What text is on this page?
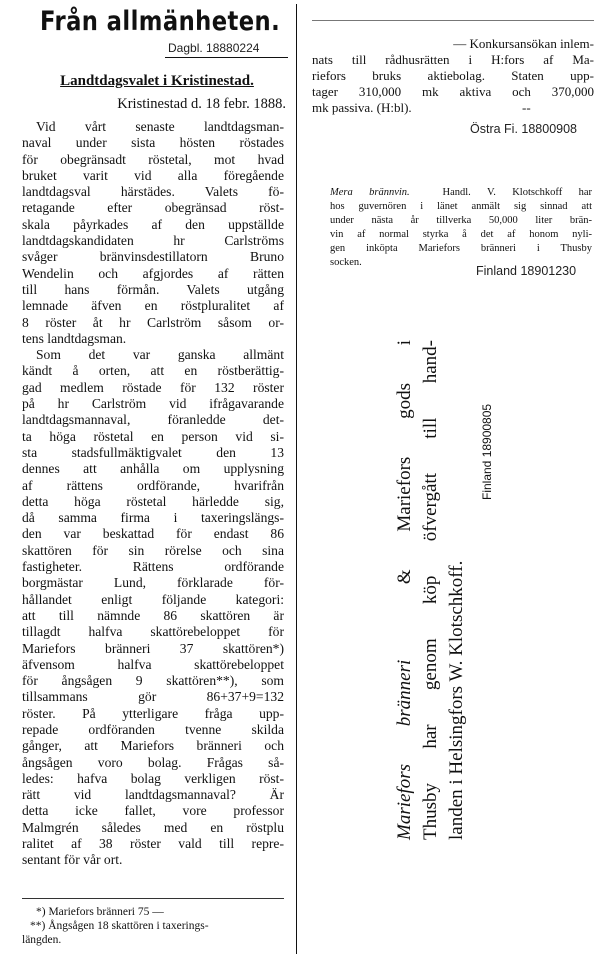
Från allmänheten.
Dagbl. 18880224
Landtdagsvalet i Kristinestad.
Kristinestad d. 18 febr. 1888.
Vid vårt senaste landtdagsman-
naval under sista hösten röstades
för obegränsadt röstetal, mot hvad
bruket varit vid alla föregående
landtdagsval härstädes. Valets fö-
retagande efter obegränsad röst-
skala påyrkades af den uppställde
landtdagskandidaten hr Carlströms
svåger bränvinsdestillatorn Bruno
Wendelin och afgjordes af rätten
till hans förmån. Valets utgång
lemnade äfven en röstpluralitet af
8 röster åt hr Carlström såsom or-
tens landtdagsman.
Som det var ganska allmänt
kändt å orten, att en röstberättig-
gad medlem röstade för 132 röster
på hr Carlström vid ifrågavarande
landtdagsmannaval, föranledde det-
ta höga röstetal en person vid si-
sta stadsfullmäktigvalet den 13
dennes att anhålla om upplysning
af rättens ordförande, hvarifrån
detta höga röstetal härledde sig,
då samma firma i taxeringslängs-
den var beskattad för endast 86
skattören för sin rörelse och sina
fastigheter. Rättens ordförande
borgmästar Lund, förklarade för-
hållandet enligt följande kategori:
att till nämnde 86 skattören är
tillagdt halfva skattörebeloppet för
Mariefors bränneri 37 skattören*)
äfvensom halfva skattörebeloppet
för ångsågen 9 skattören**), som
tillsammans gör 86+37+9=132
röster. På ytterligare fråga upp-
repade ordföranden tvenne skilda
gånger, att Mariefors bränneri och
ångsågen voro bolag. Frågas så-
ledes: hafva bolag verkligen röst-
rätt vid landtdagsmannaval? Är
detta icke fallet, vore professor
Malmgrén således med en röstplu
ralitet af 38 röster vald till repre-
sentant för vår ort.
*) Mariefors bränneri 75 —
**) Ångsågen 18 skattören i taxerings-
längden.
— Konkursansökan inlem-
nats till rådhusrätten i H:fors af Ma-
riefors bruks aktiebolag. Staten upp-
tager 310,000 mk aktiva och 370,000
mk passiva. (H:bl).	--
Östra Fi. 18800908
Mera brännvin.	Handl. V. Klotschkoff har
hos guvernören i länet anmält sig sinnad att
under nästa år tillverka 50,000 liter brän-
vin af normal styrka å det af honom nyli-
gen inköpta Mariefors bränneri i Thusby
socken.
Finland 18901230
Mariefors bränneri  & Mariefors gods i Thusby har genom köp öfvergått till hand- landen i Helsingfors W. Klotschkoff.
Finland 18900805
